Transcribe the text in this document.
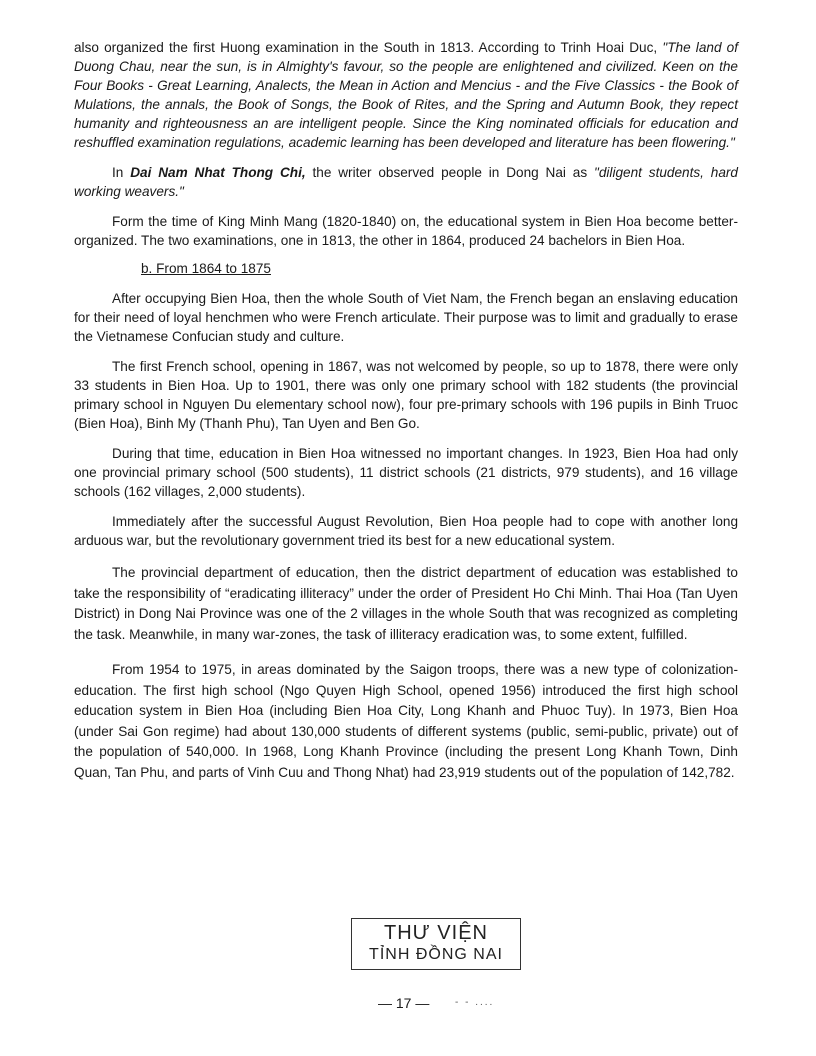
also organized the first Huong examination in the South in 1813. According to Trinh Hoai Duc, "The land of Duong Chau, near the sun, is in Almighty's favour, so the people are enlightened and civilized. Keen on the Four Books - Great Learning, Analects, the Mean in Action and Mencius - and the Five Classics - the Book of Mulations, the annals, the Book of Songs, the Book of Rites, and the Spring and Autumn Book, they repect humanity and righteousness an are intelligent people. Since the King nominated officials for education and reshuffled examination regulations, academic learning has been developed and literature has been flowering."

In Dai Nam Nhat Thong Chi, the writer observed people in Dong Nai as "diligent students, hard working weavers."

Form the time of King Minh Mang (1820-1840) on, the educational system in Bien Hoa become better-organized. The two examinations, one in 1813, the other in 1864, produced 24 bachelors in Bien Hoa.

b. From 1864 to 1875

After occupying Bien Hoa, then the whole South of Viet Nam, the French began an enslaving education for their need of loyal henchmen who were French articulate. Their purpose was to limit and gradually to erase the Vietnamese Confucian study and culture.

The first French school, opening in 1867, was not welcomed by people, so up to 1878, there were only 33 students in Bien Hoa. Up to 1901, there was only one primary school with 182 students (the provincial primary school in Nguyen Du elementary school now), four pre-primary schools with 196 pupils in Binh Truoc (Bien Hoa), Binh My (Thanh Phu), Tan Uyen and Ben Go.

During that time, education in Bien Hoa witnessed no important changes. In 1923, Bien Hoa had only one provincial primary school (500 students), 11 district schools (21 districts, 979 students), and 16 village schools (162 villages, 2,000 students).

Immediately after the successful August Revolution, Bien Hoa people had to cope with another long arduous war, but the revolutionary government tried its best for a new educational system.

The provincial department of education, then the district department of education was established to take the responsibility of “eradicating illiteracy” under the order of President Ho Chi Minh. Thai Hoa (Tan Uyen District) in Dong Nai Province was one of the 2 villages in the whole South that was recognized as completing the task. Meanwhile, in many war-zones, the task of illiteracy eradication was, to some extent, fulfilled.

From 1954 to 1975, in areas dominated by the Saigon troops, there was a new type of colonization-education. The first high school (Ngo Quyen High School, opened 1956) introduced the first high school education system in Bien Hoa (including Bien Hoa City, Long Khanh and Phuoc Tuy). In 1973, Bien Hoa (under Sai Gon regime) had about 130,000 students of different systems (public, semi-public, private) out of the population of 540,000. In 1968, Long Khanh Province (including the present Long Khanh Town, Dinh Quan, Tan Phu, and parts of Vinh Cuu and Thong Nhat) had 23,919 students out of the population of 142,782.

THƯ VIỆN
TỈNH ĐỒNG NAI
— 17 —	- - ....
